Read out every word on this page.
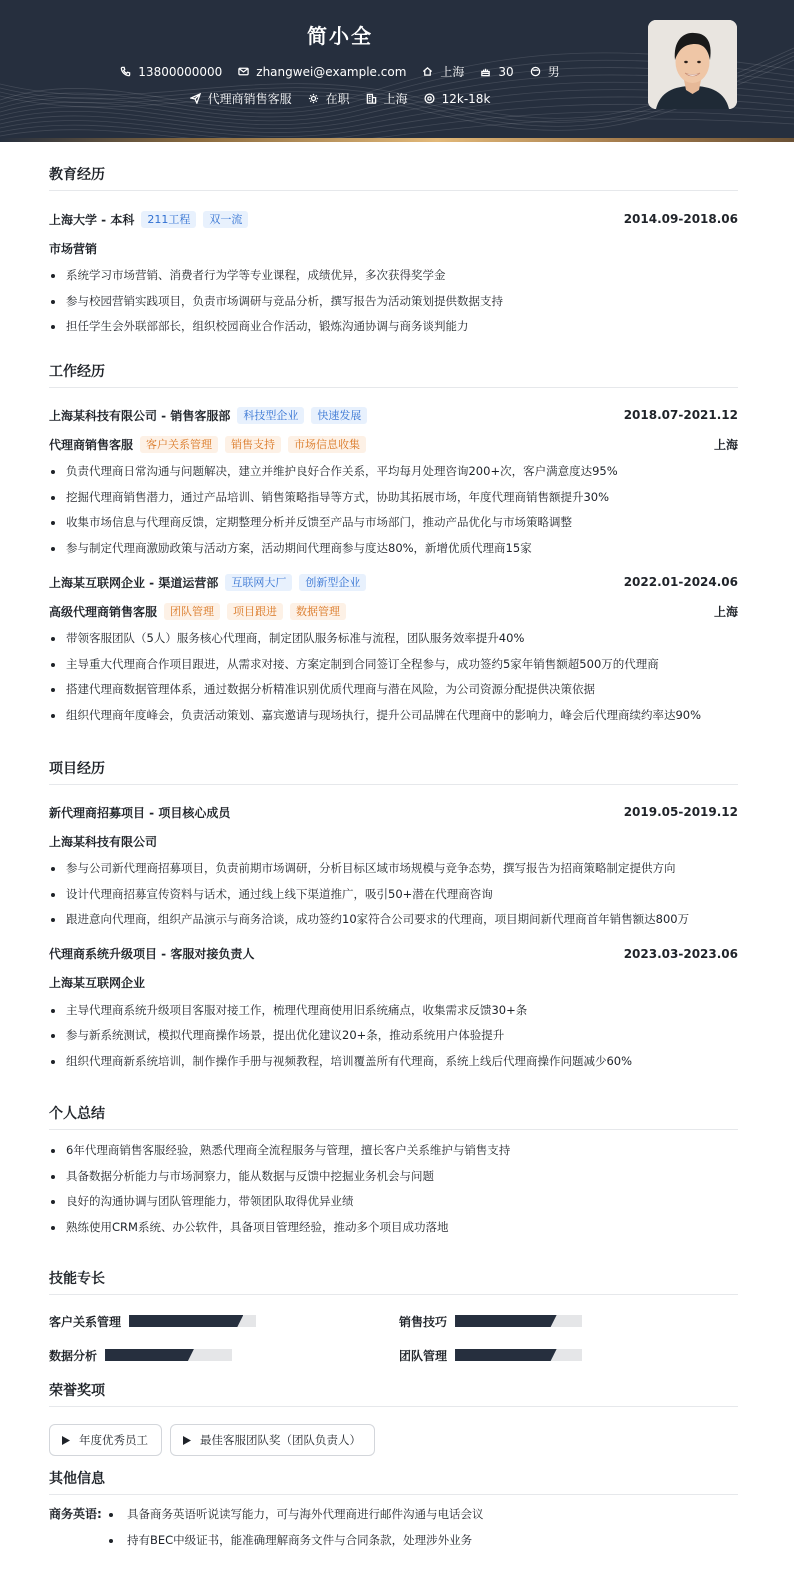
简小全
13800000000	zhangwei@example.com	上海	30	男
代理商销售客服	在职	上海	12k-18k
教育经历
上海大学 - 本科	211工程	双一流	2014.09-2018.06
市场营销
系统学习市场营销、消费者行为学等专业课程，成绩优异，多次获得奖学金
参与校园营销实践项目，负责市场调研与竞品分析，撰写报告为活动策划提供数据支持
担任学生会外联部部长，组织校园商业合作活动，锻炼沟通协调与商务谈判能力
工作经历
上海某科技有限公司 - 销售客服部	科技型企业	快速发展	2018.07-2021.12
代理商销售客服	客户关系管理	销售支持	市场信息收集	上海
负责代理商日常沟通与问题解决，建立并维护良好合作关系，平均每月处理咨询200+次，客户满意度达95%
挖掘代理商销售潜力，通过产品培训、销售策略指导等方式，协助其拓展市场，年度代理商销售额提升30%
收集市场信息与代理商反馈，定期整理分析并反馈至产品与市场部门，推动产品优化与市场策略调整
参与制定代理商激励政策与活动方案，活动期间代理商参与度达80%，新增优质代理商15家
上海某互联网企业 - 渠道运营部	互联网大厂	创新型企业	2022.01-2024.06
高级代理商销售客服	团队管理	项目跟进	数据管理	上海
带领客服团队（5人）服务核心代理商，制定团队服务标准与流程，团队服务效率提升40%
主导重大代理商合作项目跟进，从需求对接、方案定制到合同签订全程参与，成功签约5家年销售额超500万的代理商
搭建代理商数据管理体系，通过数据分析精准识别优质代理商与潜在风险，为公司资源分配提供决策依据
组织代理商年度峰会，负责活动策划、嘉宾邀请与现场执行，提升公司品牌在代理商中的影响力，峰会后代理商续约率达90%
项目经历
新代理商招募项目 - 项目核心成员	2019.05-2019.12
上海某科技有限公司
参与公司新代理商招募项目，负责前期市场调研，分析目标区域市场规模与竞争态势，撰写报告为招商策略制定提供方向
设计代理商招募宣传资料与话术，通过线上线下渠道推广，吸引50+潜在代理商咨询
跟进意向代理商，组织产品演示与商务洽谈，成功签约10家符合公司要求的代理商，项目期间新代理商首年销售额达800万
代理商系统升级项目 - 客服对接负责人	2023.03-2023.06
上海某互联网企业
主导代理商系统升级项目客服对接工作，梳理代理商使用旧系统痛点，收集需求反馈30+条
参与新系统测试，模拟代理商操作场景，提出优化建议20+条，推动系统用户体验提升
组织代理商新系统培训，制作操作手册与视频教程，培训覆盖所有代理商，系统上线后代理商操作问题减少60%
个人总结
6年代理商销售客服经验，熟悉代理商全流程服务与管理，擅长客户关系维护与销售支持
具备数据分析能力与市场洞察力，能从数据与反馈中挖掘业务机会与问题
良好的沟通协调与团队管理能力，带领团队取得优异业绩
熟练使用CRM系统、办公软件，具备项目管理经验，推动多个项目成功落地
技能专长
客户关系管理	销售技巧
数据分析	团队管理
荣誉奖项
年度优秀员工	最佳客服团队奖（团队负责人）
其他信息
商务英语:	具备商务英语听说读写能力，可与海外代理商进行邮件沟通与电话会议
持有BEC中级证书，能准确理解商务文件与合同条款，处理涉外业务
